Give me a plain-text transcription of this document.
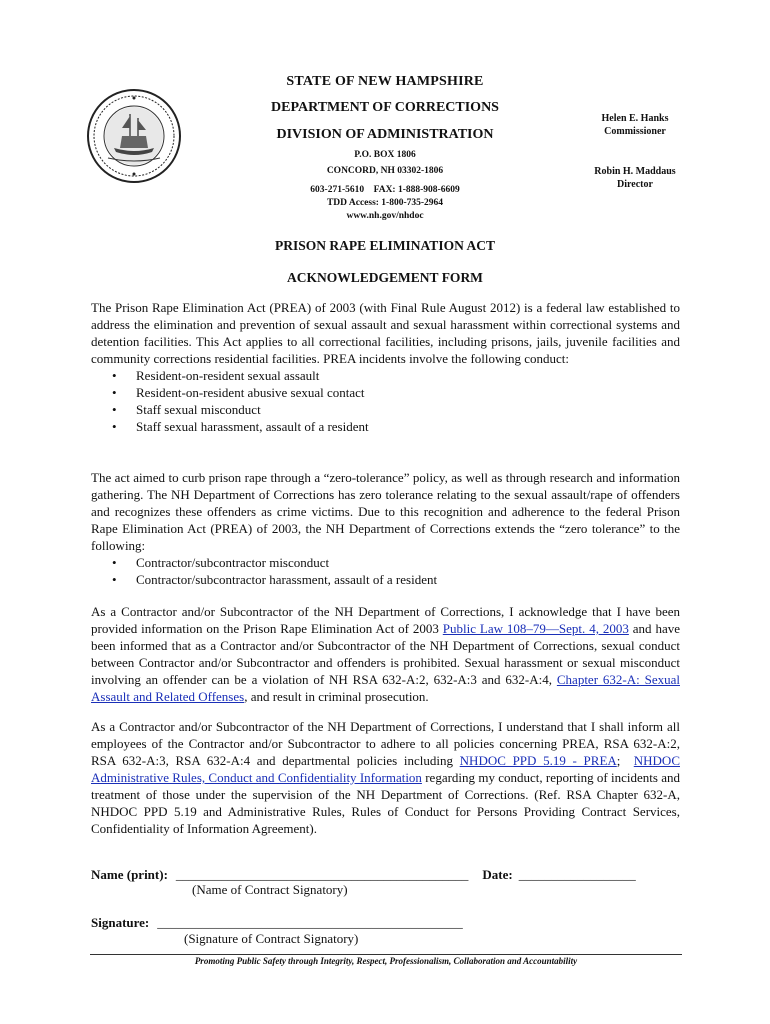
STATE OF NEW HAMPSHIRE
DEPARTMENT OF CORRECTIONS
DIVISION OF ADMINISTRATION
P.O. BOX 1806
CONCORD, NH 03302-1806
603-271-5610    FAX: 1-888-908-6609
TDD Access: 1-800-735-2964
www.nh.gov/nhdoc
Helen E. Hanks
Commissioner
Robin H. Maddaus
Director
PRISON RAPE ELIMINATION ACT
ACKNOWLEDGEMENT FORM

The Prison Rape Elimination Act (PREA) of 2003 (with Final Rule August 2012) is a federal law established to address the elimination and prevention of sexual assault and sexual harassment within correctional systems and detention facilities. This Act applies to all correctional facilities, including prisons, jails, juvenile facilities and community corrections residential facilities. PREA incidents involve the following conduct:

• Resident-on-resident sexual assault
• Resident-on-resident abusive sexual contact
• Staff sexual misconduct
• Staff sexual harassment, assault of a resident

The act aimed to curb prison rape through a “zero-tolerance” policy, as well as through research and information gathering. The NH Department of Corrections has zero tolerance relating to the sexual assault/rape of offenders and recognizes these offenders as crime victims. Due to this recognition and adherence to the federal Prison Rape Elimination Act (PREA) of 2003, the NH Department of Corrections extends the “zero tolerance” to the following:

• Contractor/subcontractor misconduct
• Contractor/subcontractor harassment, assault of a resident

As a Contractor and/or Subcontractor of the NH Department of Corrections, I acknowledge that I have been provided information on the Prison Rape Elimination Act of 2003 Public Law 108–79—Sept. 4, 2003 and have been informed that as a Contractor and/or Subcontractor of the NH Department of Corrections, sexual conduct between Contractor and/or Subcontractor and offenders is prohibited. Sexual harassment or sexual misconduct involving an offender can be a violation of NH RSA 632-A:2, 632-A:3 and 632-A:4, Chapter 632-A: Sexual Assault and Related Offenses, and result in criminal prosecution.

As a Contractor and/or Subcontractor of the NH Department of Corrections, I understand that I shall inform all employees of the Contractor and/or Subcontractor to adhere to all policies concerning PREA, RSA 632-A:2, RSA 632-A:3, RSA 632-A:4 and departmental policies including NHDOC PPD 5.19 - PREA;  NHDOC Administrative Rules, Conduct and Confidentiality Information regarding my conduct, reporting of incidents and treatment of those under the supervision of the NH Department of Corrections. (Ref. RSA Chapter 632-A, NHDOC PPD 5.19 and Administrative Rules, Rules of Conduct for Persons Providing Contract Services, Confidentiality of Information Agreement).

Name (print): _____________________________________________ Date: __________________
(Name of Contract Signatory)
Signature: _______________________________________________
(Signature of Contract Signatory)
Promoting Public Safety through Integrity, Respect, Professionalism, Collaboration and Accountability
